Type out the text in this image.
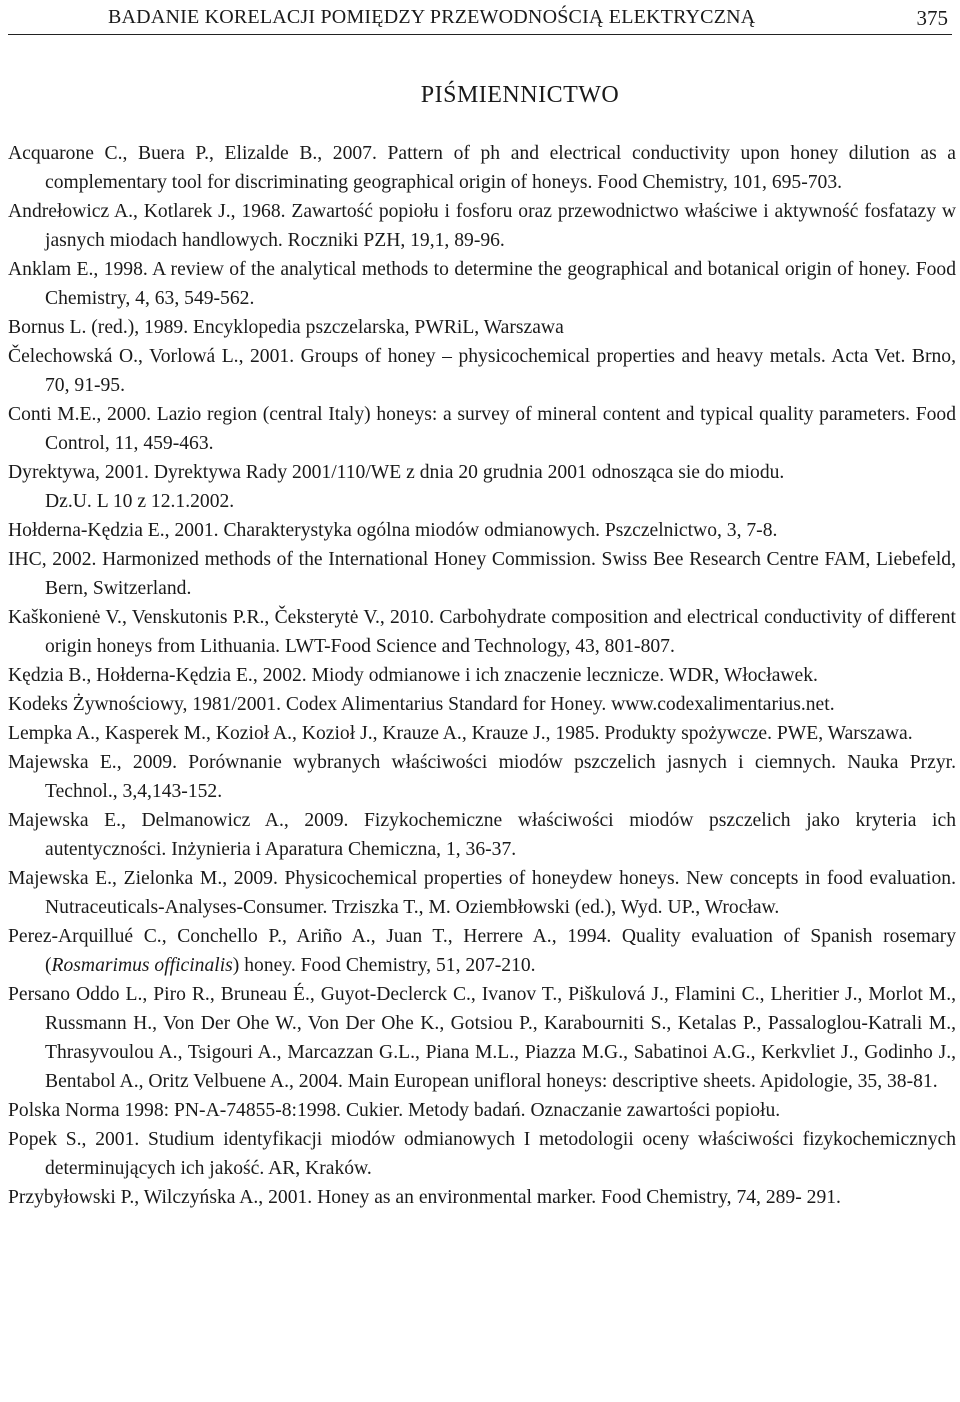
BADANIE KORELACJI POMIĘDZY PRZEWODNOŚCIĄ ELEKTRYCZNĄ	375
PIŚMIENNICTWO

Acquarone C., Buera P., Elizalde B., 2007. Pattern of ph and electrical conductivity upon honey dilution as a complementary tool for discriminating geographical origin of honeys. Food Chemistry, 101, 695-703.

Andrełowicz A., Kotlarek J., 1968. Zawartość popiołu i fosforu oraz przewodnictwo właściwe i aktywność fosfatazy w jasnych miodach handlowych. Roczniki PZH, 19,1, 89-96.

Anklam E., 1998. A review of the analytical methods to determine the geographical and botanical origin of honey. Food Chemistry, 4, 63, 549-562.

Bornus L. (red.), 1989. Encyklopedia pszczelarska, PWRiL, Warszawa

Čelechowská O., Vorlowá L., 2001. Groups of honey – physicochemical properties and heavy metals. Acta Vet. Brno, 70, 91-95.

Conti M.E., 2000. Lazio region (central Italy) honeys: a survey of mineral content and typical quality parameters. Food Control, 11, 459-463.

Dyrektywa, 2001. Dyrektywa Rady 2001/110/WE z dnia 20 grudnia 2001 odnosząca sie do miodu.

Dz.U. L 10 z 12.1.2002.

Hołderna-Kędzia E., 2001. Charakterystyka ogólna miodów odmianowych. Pszczelnictwo, 3, 7-8.

IHC, 2002. Harmonized methods of the International Honey Commission. Swiss Bee Research Centre FAM, Liebefeld, Bern, Switzerland.

Kaškonienė V., Venskutonis P.R., Čeksterytė V., 2010. Carbohydrate composition and electrical conductivity of different origin honeys from Lithuania. LWT-Food Science and Technology, 43, 801-807.

Kędzia B., Hołderna-Kędzia E., 2002. Miody odmianowe i ich znaczenie lecznicze. WDR, Włocławek.

Kodeks Żywnościowy, 1981/2001. Codex Alimentarius Standard for Honey. www.codexalimentarius.net.

Lempka A., Kasperek M., Kozioł A., Kozioł J., Krauze A., Krauze J., 1985. Produkty spożywcze. PWE, Warszawa.

Majewska E., 2009. Porównanie wybranych właściwości miodów pszczelich jasnych i ciemnych. Nauka Przyr. Technol., 3,4,143-152.

Majewska E., Delmanowicz A., 2009. Fizykochemiczne właściwości miodów pszczelich jako kryteria ich autentyczności. Inżynieria i Aparatura Chemiczna, 1, 36-37.

Majewska E., Zielonka M., 2009. Physicochemical properties of honeydew honeys. New concepts in food evaluation. Nutraceuticals-Analyses-Consumer. Trziszka T., M. Oziembłowski (ed.), Wyd. UP., Wrocław.

Perez-Arquillué C., Conchello P., Ariño A., Juan T., Herrere A., 1994. Quality evaluation of Spanish rosemary (Rosmarimus officinalis) honey. Food Chemistry, 51, 207-210.

Persano Oddo L., Piro R., Bruneau É., Guyot-Declerck C., Ivanov T., Piškulová J., Flamini C., Lheritier J., Morlot M., Russmann H., Von Der Ohe W., Von Der Ohe K., Gotsiou P., Karabourniti S., Ketalas P., Passaloglou-Katrali M., Thrasyvoulou A., Tsigouri A., Marcazzan G.L., Piana M.L., Piazza M.G., Sabatinoi A.G., Kerkvliet J., Godinho J., Bentabol A., Oritz Velbuene A., 2004. Main European unifloral honeys: descriptive sheets. Apidologie, 35, 38-81.

Polska Norma 1998: PN-A-74855-8:1998. Cukier. Metody badań. Oznaczanie zawartości popiołu.

Popek S., 2001. Studium identyfikacji miodów odmianowych I metodologii oceny właściwości fizykochemicznych determinujących ich jakość. AR, Kraków.

Przybyłowski P., Wilczyńska A., 2001. Honey as an environmental marker. Food Chemistry, 74, 289- 291.
